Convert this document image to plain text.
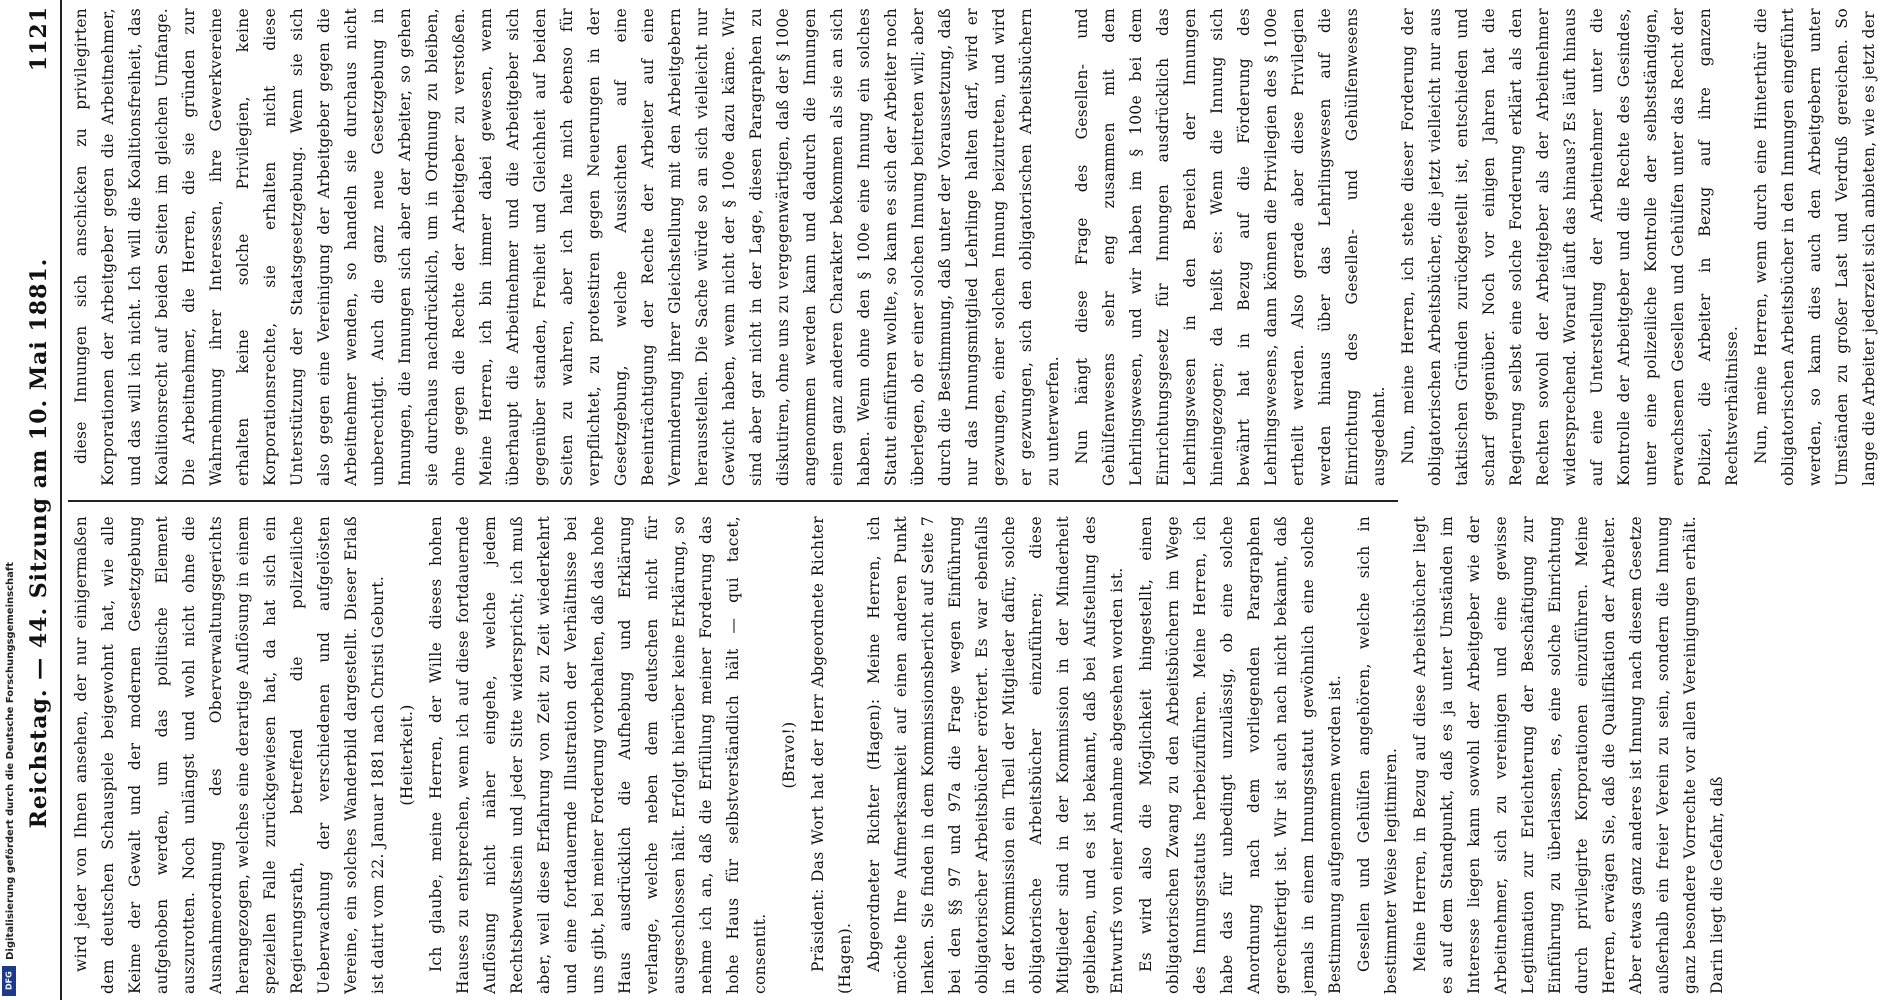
Reichstag. — 44. Sitzung am 10. Mai 1881.
1121

wird jeder von Ihnen ansehen, der nur einigermaßen dem deutschen Schauspiele beigewohnt hat, wie alle Keime der Gewalt und der modernen Gesetzgebung aufgehoben werden, um das politische Element auszurotten. Noch unlängst und wohl nicht ohne die Ausnahmeordnung des Oberverwaltungsgerichts herangezogen, welches eine derartige Auflösung in einem speziellen Falle zurückgewiesen hat, da hat sich ein Regierungsrath, betreffend die polizeiliche Ueberwachung der verschiedenen und aufgelösten Vereine, ein solches Wanderbild dargestellt. Dieser Erlaß ist datirt vom 22. Januar 1881 nach Christi Geburt. (Heiterkeit.) Ich glaube, meine Herren, der Wille dieses hohen Hauses zu entsprechen, wenn ich auf diese fortdauernde Auflösung nicht näher eingehe, welche jedem Rechtsbewußtsein und jeder Sitte widerspricht; ich muß aber, weil diese Erfahrung von Zeit zu Zeit wiederkehrt und eine fortdauernde Illustration der Verhältnisse bei uns gibt, bei meiner Forderung vorbehalten, daß das hohe Haus ausdrücklich die Aufhebung und Erklärung verlange, welche neben dem deutschen nicht für ausgeschlossen hält. Erfolgt hierüber keine Erklärung, so nehme ich an, daß die Erfüllung meiner Forderung das hohe Haus für selbstverständlich hält — qui tacet, consentit.

(Bravo!) Präsident: Das Wort hat der Herr Abgeordnete Richter (Hagen). Abgeordneter Richter (Hagen): Meine Herren, ich möchte Ihre Aufmerksamkeit auf einen anderen Punkt lenken. Sie finden in dem Kommissionsbericht auf Seite 7 bei den §§ 97 und 97a die Frage wegen Einführung obligatorischer Arbeitsbücher erörtert. Es war ebenfalls in der Kommission ein Theil der Mitglieder dafür, solche obligatorische Arbeitsbücher einzuführen; diese Mitglieder sind in der Kommission in der Minderheit geblieben, und es ist bekannt, daß bei Aufstellung des Entwurfs von einer Annahme abgesehen worden ist. Es wird also die Möglichkeit hingestellt, einen obligatorischen Zwang zu den Arbeitsbüchern im Wege des Innungsstatuts herbeizuführen. Meine Herren, ich habe das für unbedingt unzulässig, ob eine solche Anordnung nach dem vorliegenden Paragraphen gerechtfertigt ist. Wir ist auch nach nicht bekannt, daß jemals in einem Innungsstatut gewöhnlich eine solche Bestimmung aufgenommen worden ist. Gesellen und Gehülfen angehören, welche sich in bestimmter Weise legitimiren. Meine Herren, in Bezug auf diese Arbeitsbücher liegt es auf dem Standpunkt, daß es ja unter Umständen im Interesse liegen kann sowohl der Arbeitgeber wie der Arbeitnehmer, sich zu vereinigen und eine gewisse Legitimation zur Erleichterung der Beschäftigung zur Einführung zu überlassen, es, eine solche Einrichtung durch privilegirte Korporationen einzuführen. Meine Herren, erwägen Sie, daß die Qualifikation der Arbeiter. Aber etwas ganz anderes ist Innung nach diesem Gesetze außerhalb ein freier Verein zu sein, sondern die Innung ganz besondere Vorrechte vor allen Vereinigungen erhält. Darin liegt die Gefahr, daß

diese Innungen sich anschicken zu privilegirten Korporationen der Arbeitgeber gegen die Arbeitnehmer, und das will ich nicht. Ich will die Koalitionsfreiheit, das Koalitionsrecht auf beiden Seiten im gleichen Umfange. Die Arbeitnehmer, die Herren, die sie gründen zur Wahrnehmung ihrer Interessen, ihre Gewerkvereine erhalten keine solche Privilegien, keine Korporationsrechte, sie erhalten nicht diese Unterstützung der Staatsgesetzgebung. Wenn sie sich also gegen eine Vereinigung der Arbeitgeber gegen die Arbeitnehmer wenden, so handeln sie durchaus nicht unberechtigt. Auch die ganz neue Gesetzgebung in Innungen, die Innungen sich aber der Arbeiter, so gehen sie durchaus nachdrücklich, um in Ordnung zu bleiben, ohne gegen die Rechte der Arbeitgeber zu verstoßen. Meine Herren, ich bin immer dabei gewesen, wenn überhaupt die Arbeitnehmer und die Arbeitgeber sich gegenüber standen, Freiheit und Gleichheit auf beiden Seiten zu wahren, aber ich halte mich ebenso für verpflichtet, zu protestiren gegen Neuerungen in der Gesetzgebung, welche Aussichten auf eine Beeinträchtigung der Rechte der Arbeiter auf eine Verminderung ihrer Gleichstellung mit den Arbeitgebern herausstellen. Die Sache würde so an sich vielleicht nur Gewicht haben, wenn nicht der § 100e dazu käme. Wir sind aber gar nicht in der Lage, diesen Paragraphen zu diskutiren, ohne uns zu vergegenwärtigen, daß der § 100e angenommen werden kann und dadurch die Innungen einen ganz anderen Charakter bekommen als sie an sich haben. Wenn ohne den § 100e eine Innung ein solches Statut einführen wollte, so kann es sich der Arbeiter noch überlegen, ob er einer solchen Innung beitreten will; aber durch die Bestimmung, daß unter der Voraussetzung, daß nur das Innungsmitglied Lehrlinge halten darf, wird er gezwungen, einer solchen Innung beizutreten, und wird er gezwungen, sich den obligatorischen Arbeitsbüchern zu unterwerfen. Nun hängt diese Frage des Gesellen- und Gehülfenwesens sehr eng zusammen mit dem Lehrlingswesen, und wir haben im § 100e bei dem Einrichtungsgesetz für Innungen ausdrücklich das Lehrlingswesen in den Bereich der Innungen hineingezogen; da heißt es: Wenn die Innung sich bewährt hat in Bezug auf die Förderung des Lehrlingswesens, dann können die Privilegien des § 100e ertheilt werden. Also gerade aber diese Privilegien werden hinaus über das Lehrlingswesen auf die Einrichtung des Gesellen- und Gehülfenwesens ausgedehnt. Nun, meine Herren, ich stehe dieser Forderung der obligatorischen Arbeitsbücher, die jetzt vielleicht nur aus taktischen Gründen zurückgestellt ist, entschieden und scharf gegenüber. Noch vor einigen Jahren hat die Regierung selbst eine solche Forderung erklärt als den Rechten sowohl der Arbeitgeber als der Arbeitnehmer widersprechend. Worauf läuft das hinaus? Es läuft hinaus auf eine Unterstellung der Arbeitnehmer unter die Kontrolle der Arbeitgeber und die Rechte des Gesindes, unter eine polizeiliche Kontrolle der selbstständigen, erwachsenen Gesellen und Gehülfen unter das Recht der Polizei, die Arbeiter in Bezug auf ihre ganzen Rechtsverhältnisse. Nun, meine Herren, wenn durch eine Hinterthür die obligatorischen Arbeitsbücher in den Innungen eingeführt werden, so kann dies auch den Arbeitgebern unter Umständen zu großer Last und Verdruß gereichen. So lange die Arbeiter jederzeit sich anbieten, wie es jetzt der

Digitalisierung gefördert durch die Deutsche Forschungsgemeinschaft
DFG
